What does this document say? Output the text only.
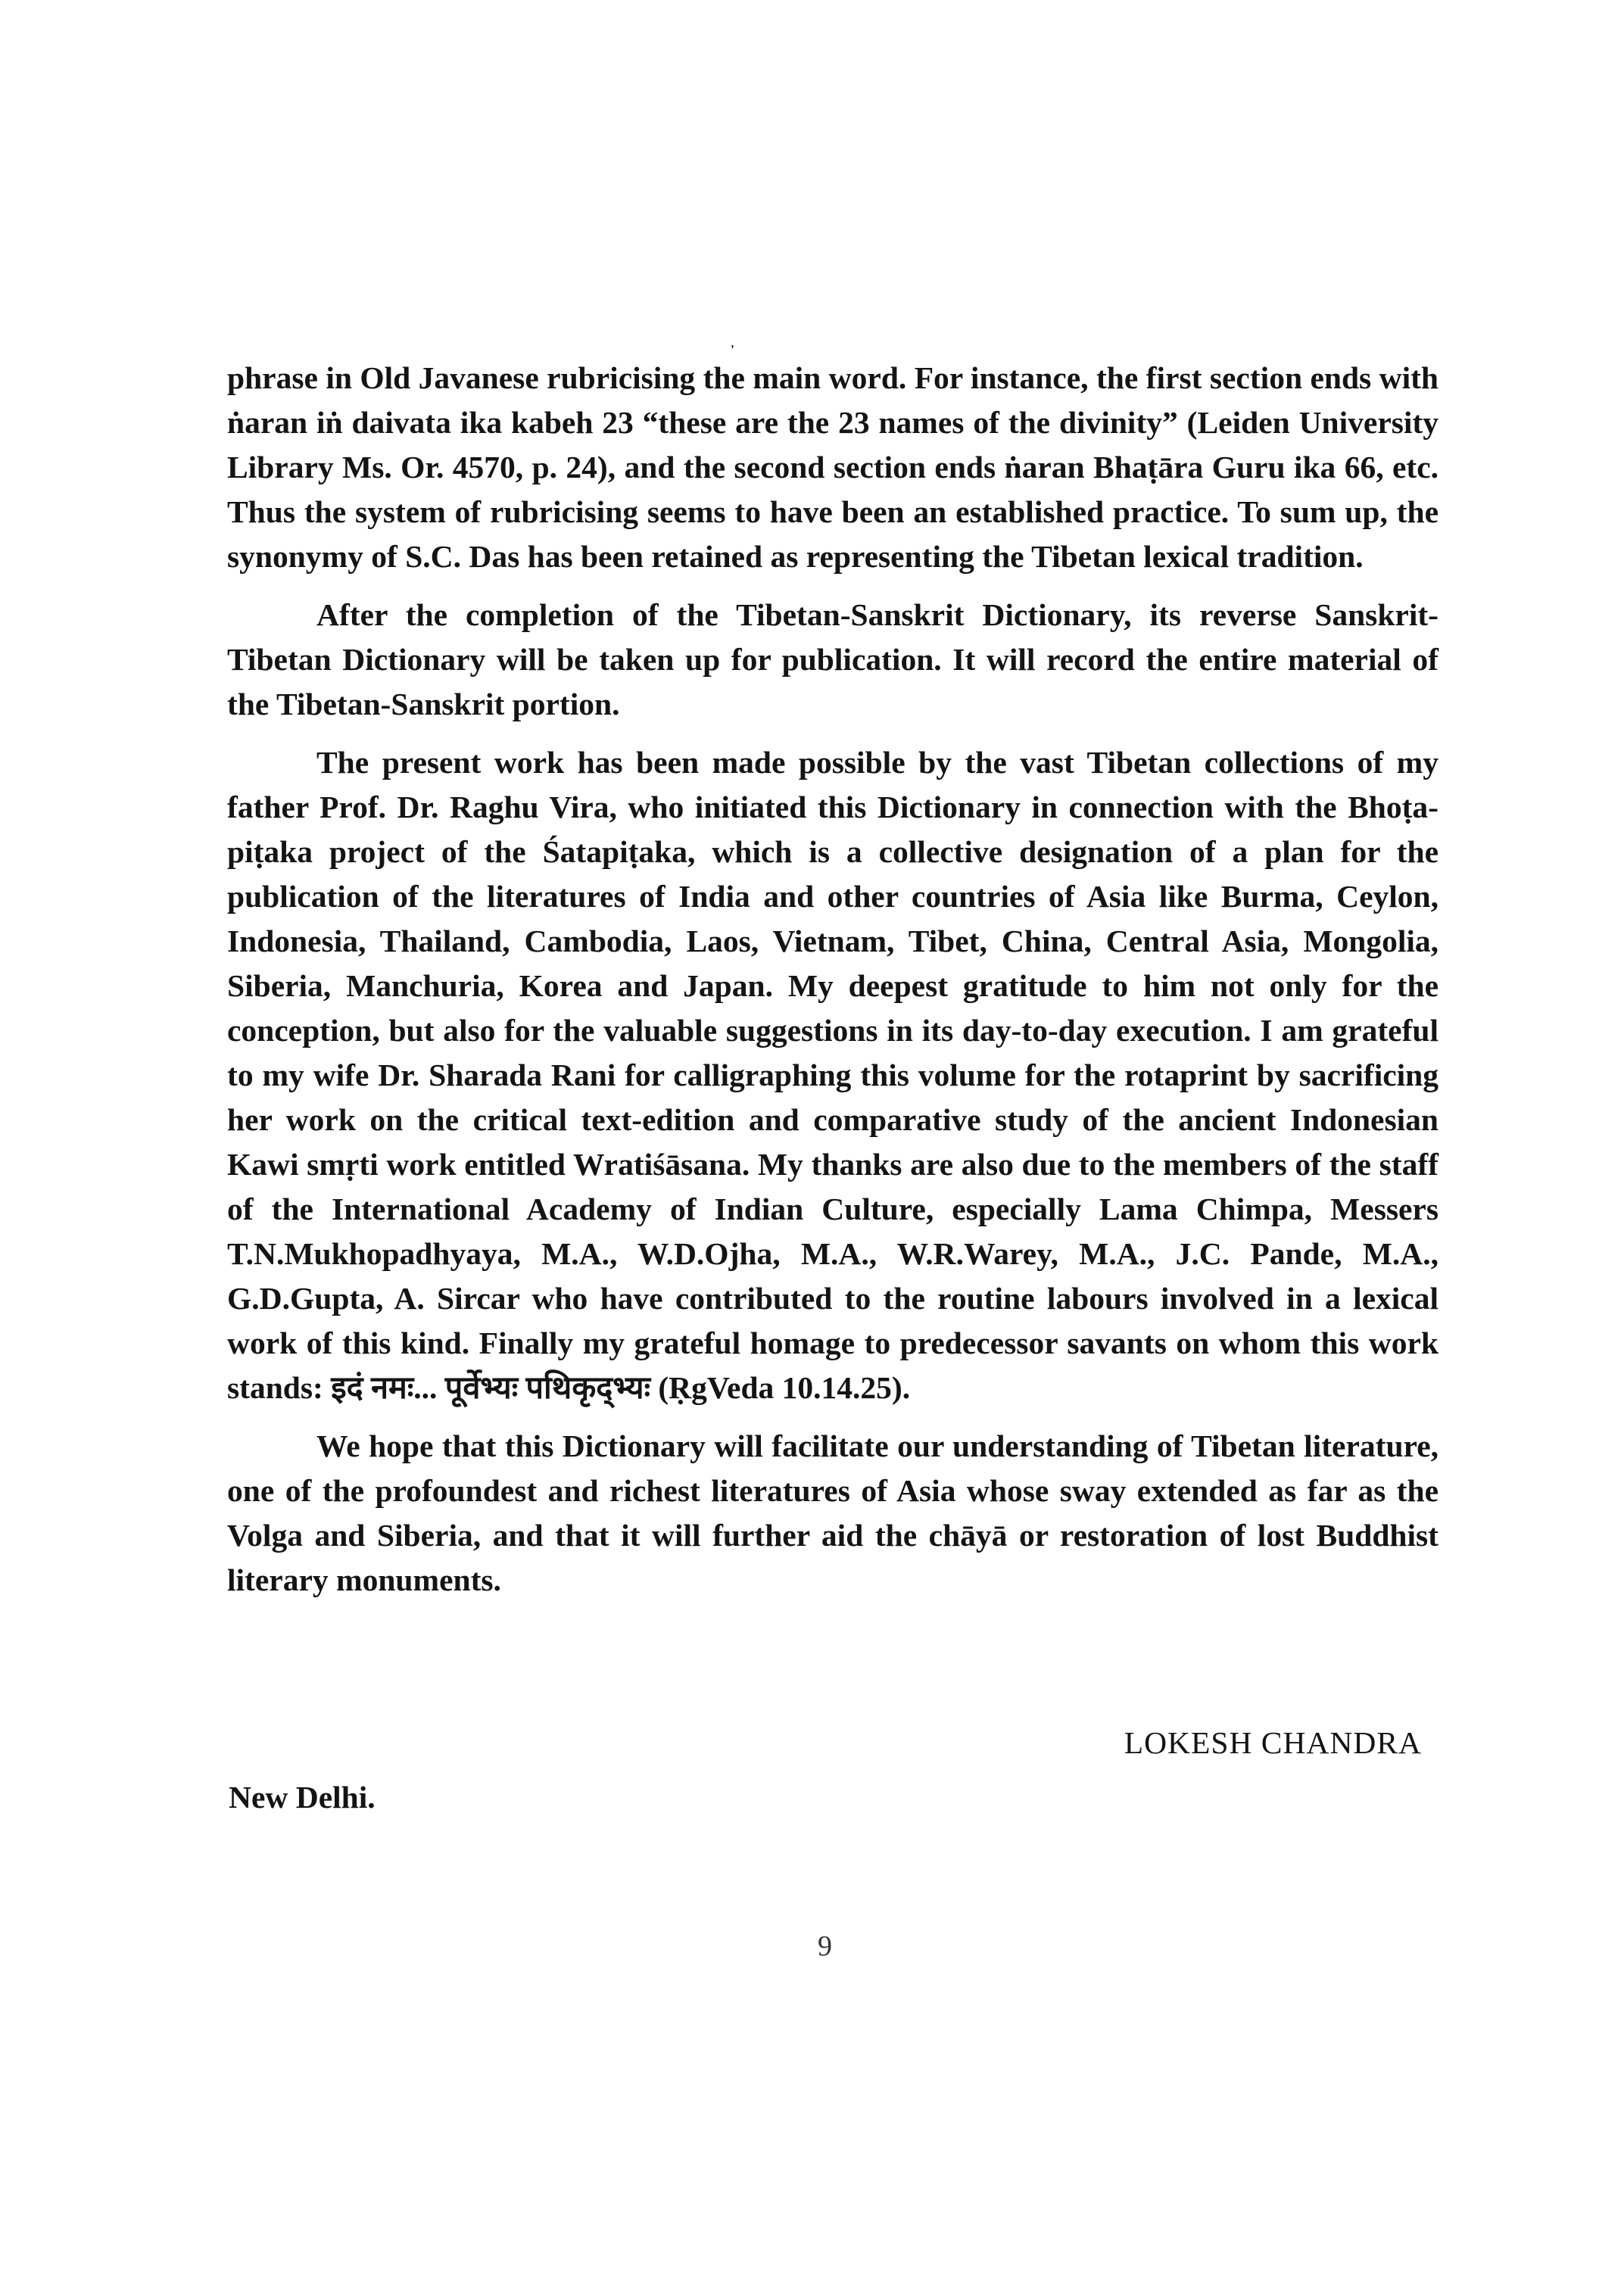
'

phrase in Old Javanese rubricising the main word. For instance, the first section ends with ṅaran iṅ daivata ika kabeh 23 “these are the 23 names of the divinity” (Leiden University Library Ms. Or. 4570, p. 24), and the second section ends ṅaran Bhaṭāra Guru ika 66, etc. Thus the system of rubricising seems to have been an established practice. To sum up, the synonymy of S.C. Das has been retained as representing the Tibetan lexical tradition.

After the completion of the Tibetan-Sanskrit Dictionary, its reverse Sanskrit-Tibetan Dictionary will be taken up for publication. It will record the entire material of the Tibetan-Sanskrit portion.

The present work has been made possible by the vast Tibetan collections of my father Prof. Dr. Raghu Vira, who initiated this Dictionary in connection with the Bhoṭa-piṭaka project of the Śatapiṭaka, which is a collective designation of a plan for the publication of the literatures of India and other countries of Asia like Burma, Ceylon, Indonesia, Thailand, Cambodia, Laos, Vietnam, Tibet, China, Central Asia, Mongolia, Siberia, Manchuria, Korea and Japan. My deepest gratitude to him not only for the conception, but also for the valuable suggestions in its day-to-day execution. I am grateful to my wife Dr. Sharada Rani for calligraphing this volume for the rotaprint by sacrificing her work on the critical text-edition and comparative study of the ancient Indonesian Kawi smṛti work entitled Wratiśāsana. My thanks are also due to the members of the staff of the International Academy of Indian Culture, especially Lama Chimpa, Messers T.N.Mukhopadhyaya, M.A., W.D.Ojha, M.A., W.R.Warey, M.A., J.C. Pande, M.A., G.D.Gupta, A. Sircar who have contributed to the routine labours involved in a lexical work of this kind. Finally my grateful homage to predecessor savants on whom this work stands: इदं नमः... पूर्वेभ्यः पथिकृद्भ्यः (ṚgVeda 10.14.25).

We hope that this Dictionary will facilitate our understanding of Tibetan literature, one of the profoundest and richest literatures of Asia whose sway extended as far as the Volga and Siberia, and that it will further aid the chāyā or restoration of lost Buddhist literary monuments.

LOKESH CHANDRA
New Delhi.
9
